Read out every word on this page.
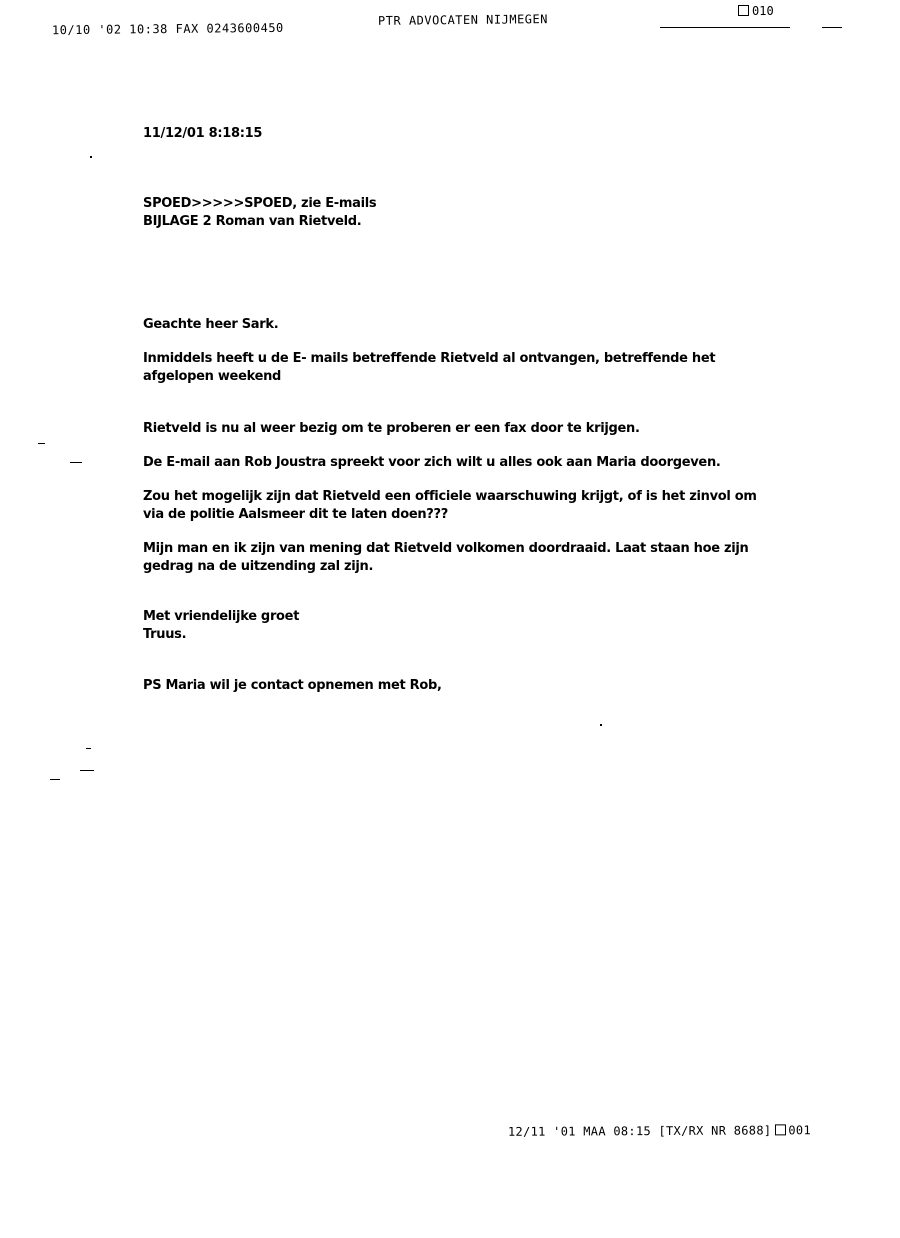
10/10 '02 10:38 FAX 0243600450
PTR ADVOCATEN NIJMEGEN
010
11/12/01 8:18:15
SPOED>>>>>SPOED, zie E-mails
BIJLAGE 2 Roman van Rietveld.
Geachte heer Sark.
Inmiddels heeft u de E- mails betreffende Rietveld al ontvangen, betreffende het afgelopen weekend
Rietveld is nu al weer bezig om te proberen er een fax door te krijgen.
De E-mail aan Rob Joustra spreekt voor zich wilt u alles ook aan Maria doorgeven.
Zou het mogelijk zijn dat Rietveld een officiele waarschuwing krijgt, of is het zinvol om via de politie Aalsmeer dit te laten doen???
Mijn man en ik zijn van mening dat Rietveld volkomen doordraaid. Laat staan hoe zijn gedrag na de uitzending zal zijn.
Met vriendelijke groet
Truus.
PS Maria wil je contact opnemen met Rob,
12/11 '01 MAA 08:15 [TX/RX NR 8688] 001
